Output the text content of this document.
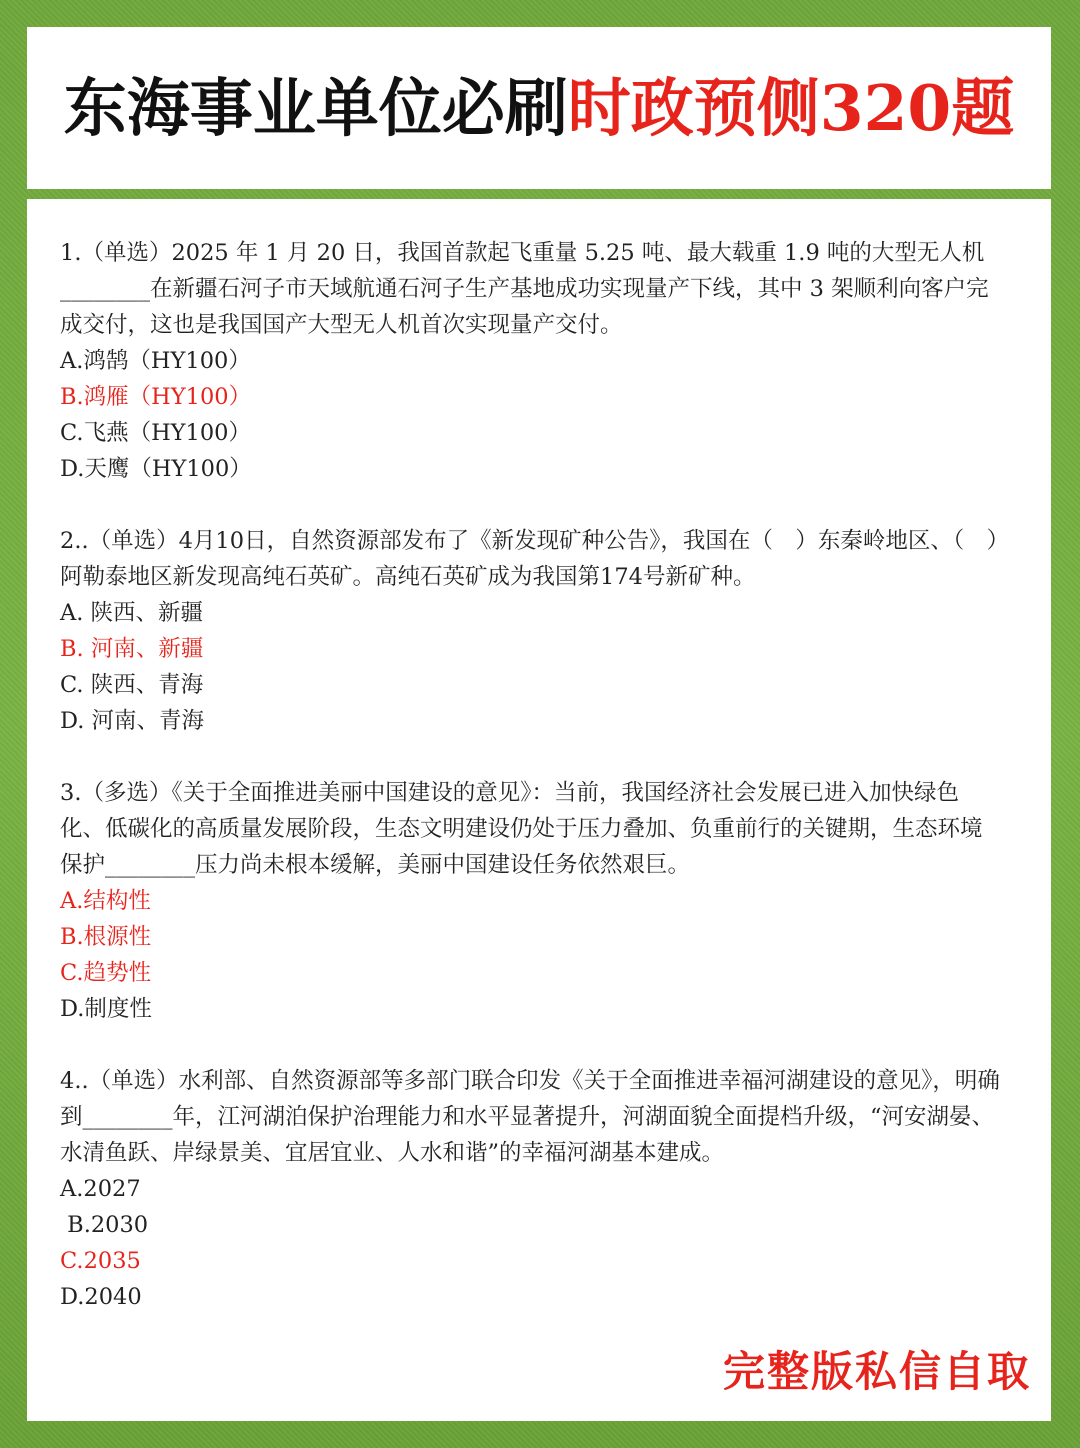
东海事业单位必刷时政预侧320题

1.（单选）2025 年 1 月 20 日，我国首款起飞重量 5.25 吨、最大载重 1.9 吨的大型无人机________在新疆石河子市天域航通石河子生产基地成功实现量产下线，其中 3 架顺利向客户完成交付，这也是我国国产大型无人机首次实现量产交付。

A.鸿鹄（HY100）

B.鸿雁（HY100）

C.飞燕（HY100）

D.天鹰（HY100）

2..（单选）4月10日，自然资源部发布了《新发现矿种公告》，我国在（　）东秦岭地区、（　）阿勒泰地区新发现高纯石英矿。高纯石英矿成为我国第174号新矿种。

A. 陕西、新疆

B. 河南、新疆

C. 陕西、青海

D. 河南、青海

3.（多选）《关于全面推进美丽中国建设的意见》：当前，我国经济社会发展已进入加快绿色化、低碳化的高质量发展阶段，生态文明建设仍处于压力叠加、负重前行的关键期，生态环境保护________压力尚未根本缓解，美丽中国建设任务依然艰巨。

A.结构性

B.根源性

C.趋势性

D.制度性

4..（单选）水利部、自然资源部等多部门联合印发《关于全面推进幸福河湖建设的意见》，明确到________年，江河湖泊保护治理能力和水平显著提升，河湖面貌全面提档升级，“河安湖晏、水清鱼跃、岸绿景美、宜居宜业、人水和谐”的幸福河湖基本建成。

A.2027

B.2030

C.2035

D.2040

完整版私信自取
